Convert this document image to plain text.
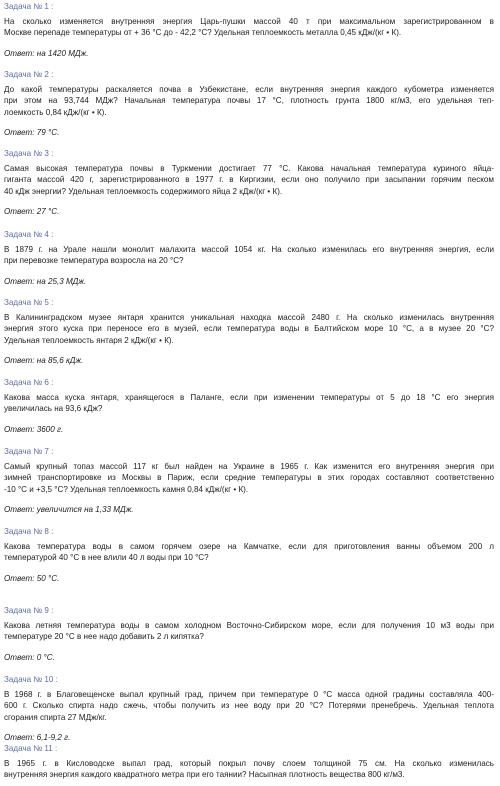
Задача № 1 :
На сколько изменяется внутренняя энергия Царь-пушки массой 40 т при максимальном зарегистрированном в
Москве перепаде температуры от + 36 °С до - 42,2 °С? Удельная теплоемкость металла 0,45 кДж/(кг • К).
Ответ: на 1420 МДж.
Задача № 2 :
До какой температуры раскаляется почва в Узбекистане, если внутренняя энергия каждого кубометра изменяется
при этом на 93,744 МДж? Начальная температура почвы 17 °С, плотность грунта 1800 кг/м3, его удельная теп-
лоемкость 0,84 кДж/(кг • К).
Ответ: 79 °С.
Задача № 3 :
Самая высокая температура почвы в Туркмении достигает 77 °С. Какова начальная температура куриного яйца-
гиганта массой 420 г, зарегистрированного в 1977 г. в Киргизии, если оно получило при засыпании горячим песком
40 кДж энергии? Удельная теплоемкость содержимого яйца 2 кДж/(кг • К).
Ответ: 27 °С.
Задача № 4 :
В 1879 г. на Урале нашли монолит малахита массой 1054 кг. На сколько изменилась его внутренняя энергия, если
при перевозке температура возросла на 20 °С?
Ответ: на 25,3 МДж.
Задача № 5 :
В Калининградском музее янтаря хранится уникальная находка массой 2480 г. На сколько изменилась внутренняя
энергия этого куска при переносе его в музей, если температура воды в Балтийском море 10 °С, а в музее 20 °С?
Удельная теплоемкость янтаря 2 кДж/(кг • К).
Ответ: на 85,6 кДж.
Задача № 6 :
Какова масса куска янтаря, хранящегося в Паланге, если при изменении температуры от 5 до 18 °С его энергия
увеличилась на 93,6 кДж?
Ответ: 3600 г.
Задача № 7 :
Самый крупный топаз массой 117 кг был найден на Украине в 1965 г. Как изменится его внутренняя энергия при
зимней транспортировке из Москвы в Париж, если средние температуры в этих городах составляют соответственно
-10 °С и +3,5 °С? Удельная теплоемкость камня 0,84 кДж/(кг • К).
Ответ: увеличится на 1,33 МДж.
Задача № 8 :
Какова температура воды в самом горячем озере на Камчатке, если для приготовления ванны объемом 200 л
температурой 40 °С в нее влили 40 л воды при 10 °С?
Ответ: 50 °С.
Задача № 9 :
Какова летняя температура воды в самом холодном Восточно-Сибирском море, если для получения 10 м3 воды при
температуре 20 °С в нее надо добавить 2 л кипятка?
Ответ: 0 °С.
Задача № 10 :
В 1968 г. в Благовещенске выпал крупный град, причем при температуре 0 °С масса одной градины составляла 400-
600 г. Сколько спирта надо сжечь, чтобы получить из нее воду при 20 °С? Потерями пренебречь. Удельная теплота
сгорания спирта 27 МДж/кг.
Ответ: 6,1-9,2 г.
Задача № 11 :
В 1965 г. в Кисловодске выпал град, который покрыл почву слоем толщиной 75 см. На сколько изменилась
внутренняя энергия каждого квадратного метра при его таянии? Насыпная плотность вещества 800 кг/м3.
